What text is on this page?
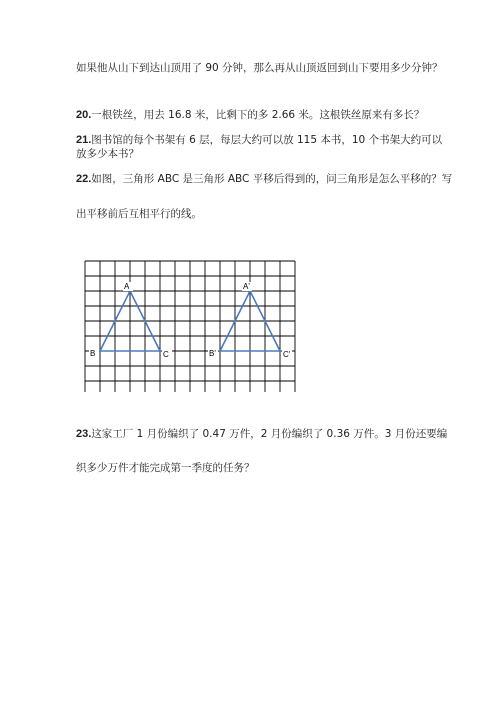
如果他从山下到达山顶用了 90 分钟，那么再从山顶返回到山下要用多少分钟？
20.一根铁丝，用去 16.8 米，比剩下的多 2.66 米。这根铁丝原来有多长？
21.图书馆的每个书架有 6 层，每层大约可以放 115 本书，10 个书架大约可以
放多少本书？
22.如图，三角形 ABC 是三角形 ABC 平移后得到的，问三角形是怎么平移的？写
出平移前后互相平行的线。
A
B	C
A'
B'	C'
23.这家工厂 1 月份编织了 0.47 万件，2 月份编织了 0.36 万件。3 月份还要编
织多少万件才能完成第一季度的任务？
